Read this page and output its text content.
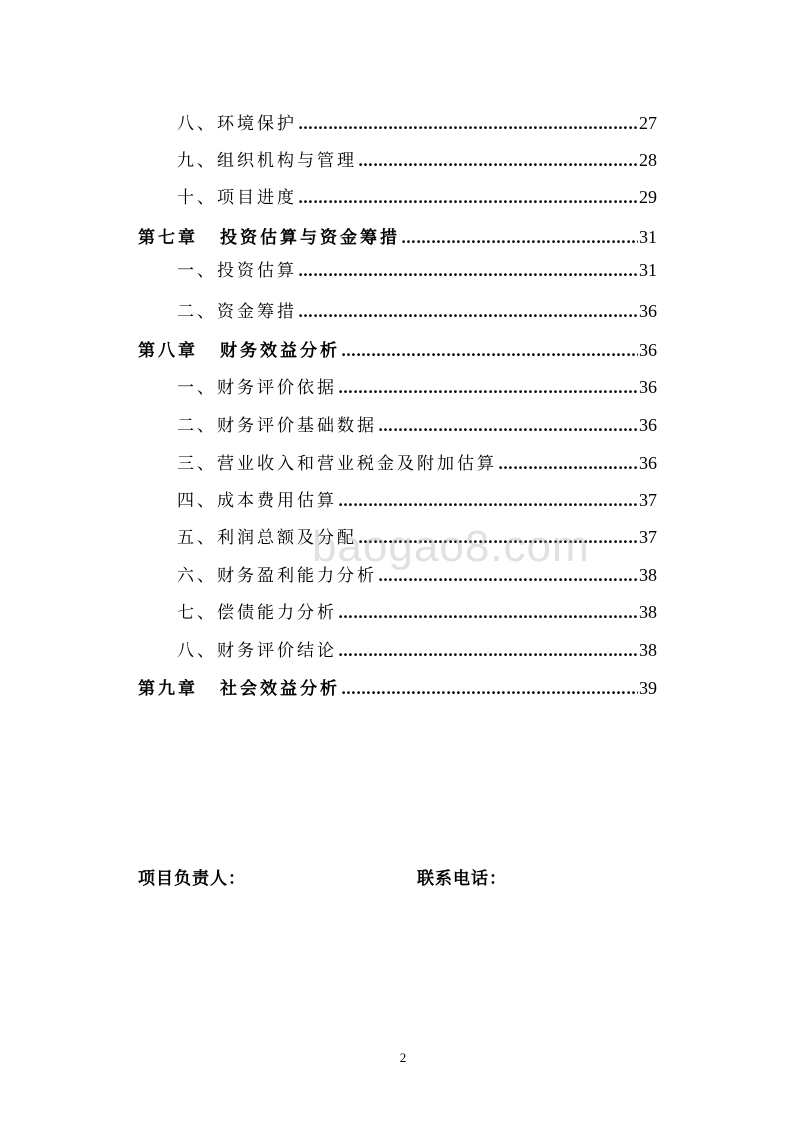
八、环境保护 …………………………………………………………………………………………………………………………………………………………	27
九、组织机构与管理 …………………………………………………………………………………………………………………………………………………………	28
十、项目进度 …………………………………………………………………………………………………………………………………………………………	29
第七章 投资估算与资金筹措 …………………………………………………………………………………………………………………………………………………………	31
一、投资估算 …………………………………………………………………………………………………………………………………………………………	31
二、资金筹措 …………………………………………………………………………………………………………………………………………………………	36
第八章 财务效益分析 …………………………………………………………………………………………………………………………………………………………	36
一、财务评价依据 …………………………………………………………………………………………………………………………………………………………	36
二、财务评价基础数据 …………………………………………………………………………………………………………………………………………………………	36
三、营业收入和营业税金及附加估算 …………………………………………………………………………………………………………………………………………………………	36
四、成本费用估算 …………………………………………………………………………………………………………………………………………………………	37
五、利润总额及分配 …………………………………………………………………………………………………………………………………………………………	37
六、财务盈利能力分析 …………………………………………………………………………………………………………………………………………………………	38
七、偿债能力分析 …………………………………………………………………………………………………………………………………………………………	38
八、财务评价结论 …………………………………………………………………………………………………………………………………………………………	38
第九章 社会效益分析 …………………………………………………………………………………………………………………………………………………………	39
baogao8.com
项目负责人：	联系电话：
2
